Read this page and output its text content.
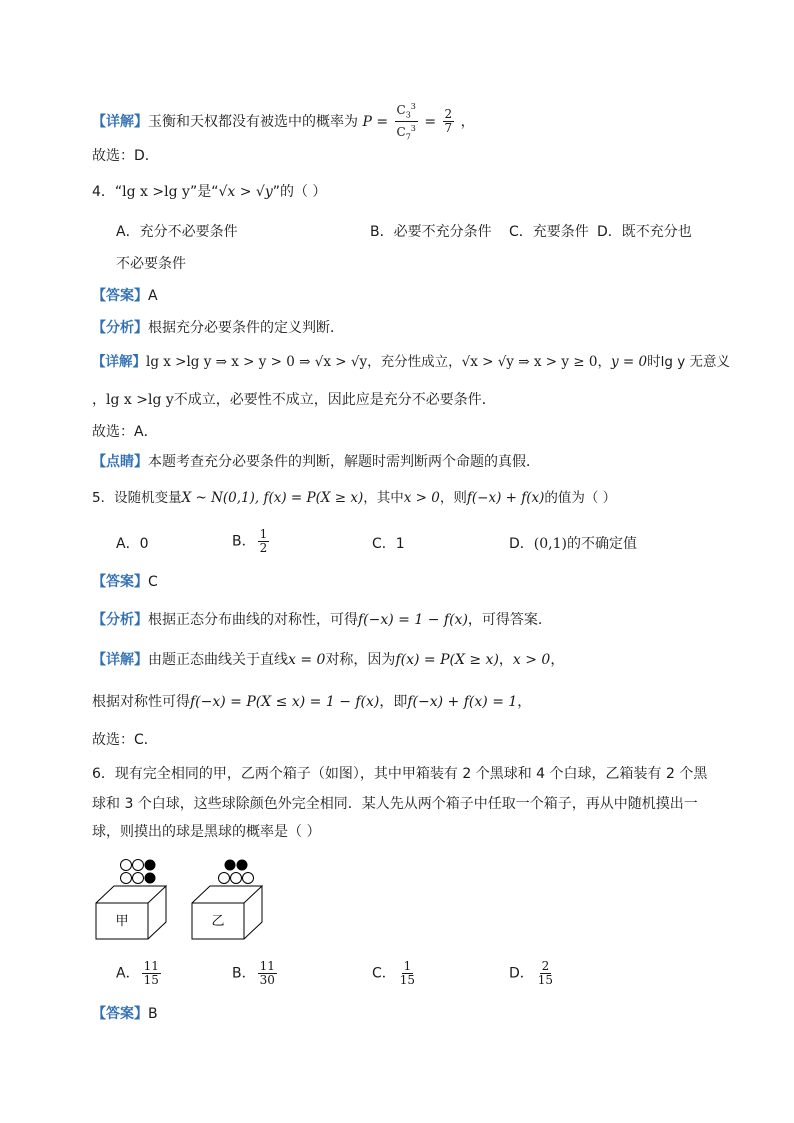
【详解】玉衡和天权都没有被选中的概率为 $P = \frac{C_3^3}{C_7^3} = \frac{2}{7}$ ，
故选：D．
4．“lg x >lg y”是“√x > √y”的（ ）
A．充分不必要条件	B．必要不充分条件 C．充要条件 D．既不充分也
不必要条件
【答案】A
【分析】根据充分必要条件的定义判断．
【详解】lg x >lg y ⇒ x > y > 0 ⇒ √x > √y，充分性成立，√x > √y ⇒ x > y ≥ 0，y = 0时lg y 无意义
，lg x >lg y不成立，必要性不成立，因此应是充分不必要条件．
故选：A．
【点睛】本题考查充分必要条件的判断，解题时需判断两个命题的真假．
5．设随机变量X ~ N(0,1), f(x) = P(X ≥ x)，其中x > 0，则f(−x) + f(x)的值为（ ）
A．0	B． $\frac{1}{2}$	C．1	D．(0,1)的不确定值
【答案】C
【分析】根据正态分布曲线的对称性，可得f(−x) = 1 − f(x)，可得答案.
【详解】由题正态曲线关于直线x = 0对称，因为f(x) = P(X ≥ x)，x > 0，
根据对称性可得f(−x) = P(X ≤ x) = 1 − f(x)，即f(−x) + f(x) = 1，
故选：C．
6．现有完全相同的甲，乙两个箱子（如图），其中甲箱装有 2 个黑球和 4 个白球，乙箱装有 2 个黑
球和 3 个白球，这些球除颜色外完全相同．某人先从两个箱子中任取一个箱子，再从中随机摸出一
球，则摸出的球是黑球的概率是（ ）
甲	乙
A． $\frac{11}{15}$	B． $\frac{11}{30}$	C． $\frac{1}{15}$	D． $\frac{2}{15}$
【答案】B
